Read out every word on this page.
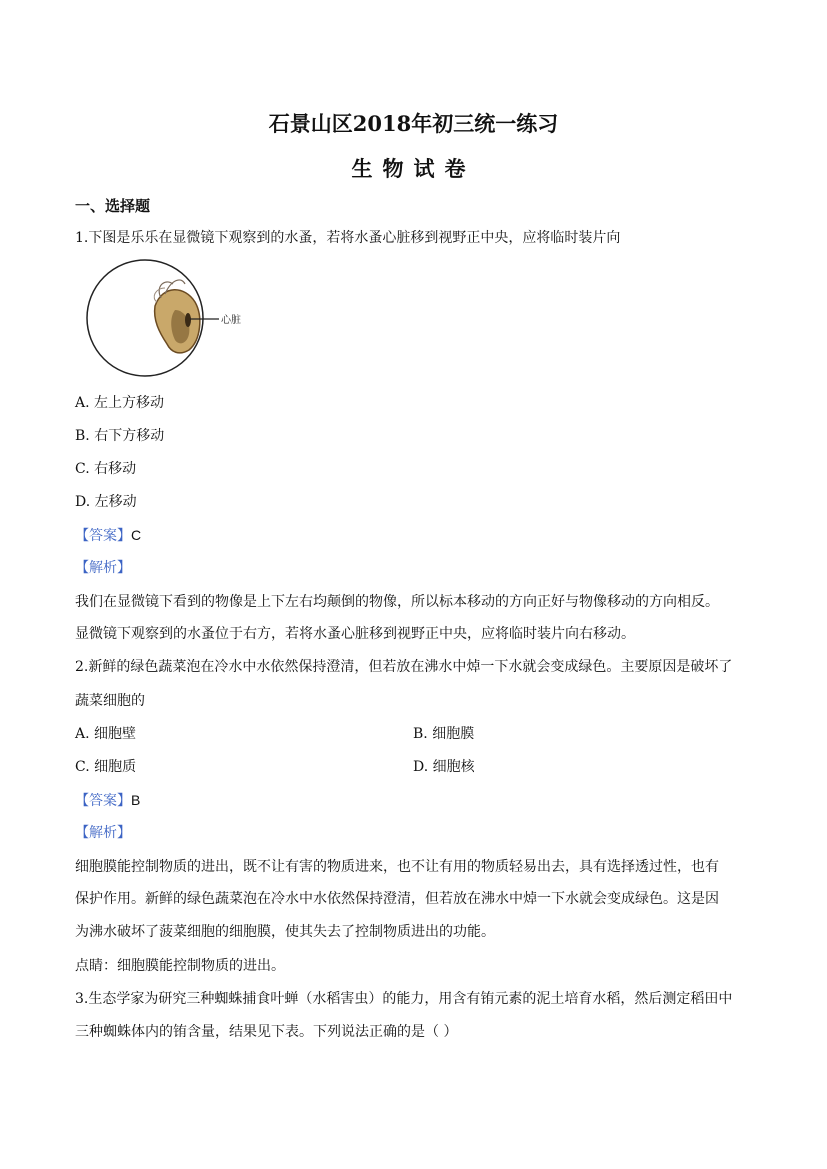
石景山区2018年初三统一练习
生物试卷
一、选择题
1.下图是乐乐在显微镜下观察到的水蚤，若将水蚤心脏移到视野正中央，应将临时装片向
心脏
A. 左上方移动
B. 右下方移动
C. 右移动
D. 左移动
【答案】C
【解析】
我们在显微镜下看到的物像是上下左右均颠倒的物像，所以标本移动的方向正好与物像移动的方向相反。
显微镜下观察到的水蚤位于右方，若将水蚤心脏移到视野正中央，应将临时装片向右移动。
2.新鲜的绿色蔬菜泡在冷水中水依然保持澄清，但若放在沸水中焯一下水就会变成绿色。主要原因是破坏了
蔬菜细胞的
A. 细胞壁	B. 细胞膜
C. 细胞质	D. 细胞核
【答案】B
【解析】
细胞膜能控制物质的进出，既不让有害的物质进来，也不让有用的物质轻易出去，具有选择透过性，也有
保护作用。新鲜的绿色蔬菜泡在冷水中水依然保持澄清，但若放在沸水中焯一下水就会变成绿色。这是因
为沸水破坏了菠菜细胞的细胞膜，使其失去了控制物质进出的功能。
点睛：细胞膜能控制物质的进出。
3.生态学家为研究三种蜘蛛捕食叶蝉（水稻害虫）的能力，用含有铕元素的泥土培育水稻，然后测定稻田中
三种蜘蛛体内的铕含量，结果见下表。下列说法正确的是（ ）
